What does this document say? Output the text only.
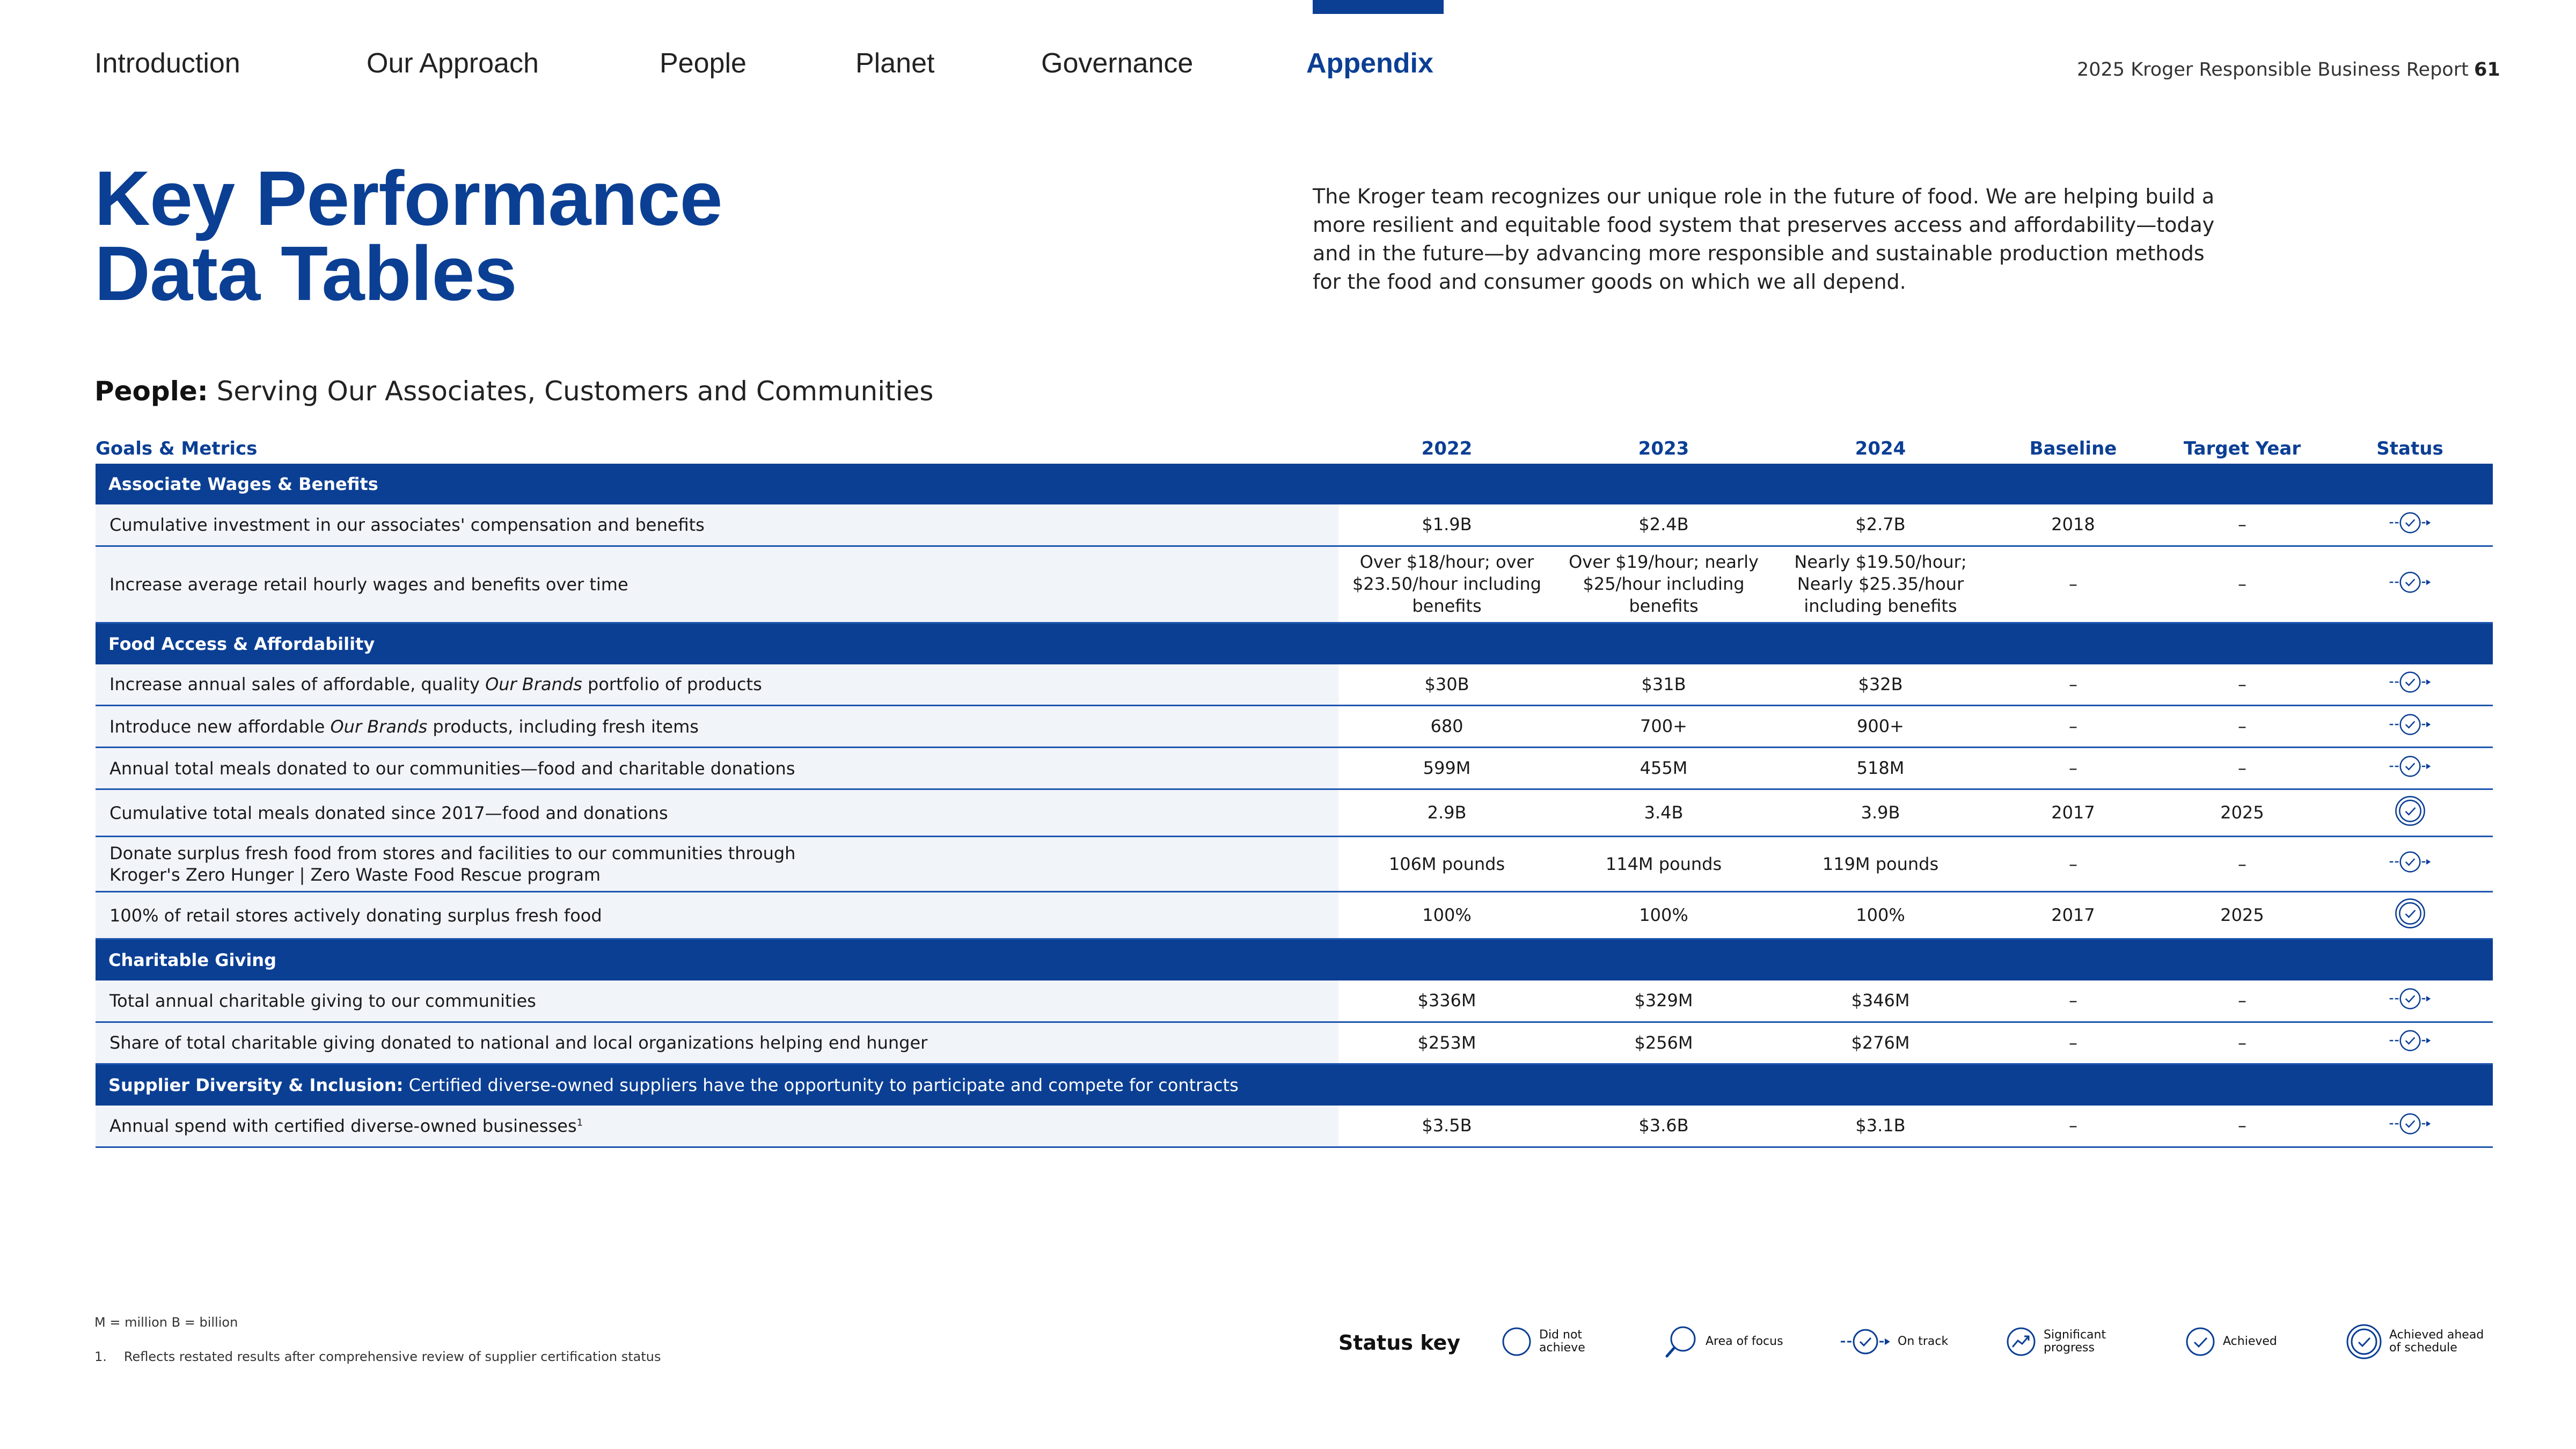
Introduction	Our Approach	People	Planet	Governance	Appendix	2025 Kroger Responsible Business Report 61
Key Performance
Data Tables
The Kroger team recognizes our unique role in the future of food. We are helping build a more resilient and equitable food system that preserves access and affordability—today and in the future—by advancing more responsible and sustainable production methods for the food and consumer goods on which we all depend.
People: Serving Our Associates, Customers and Communities
Goals & Metrics	2022	2023	2024	Baseline	Target Year	Status
Associate Wages & Benefits						
Cumulative investment in our associates' compensation and benefits	$1.9B	$2.4B	$2.7B	2018	–	
Increase average retail hourly wages and benefits over time	Over $18/hour; over $23.50/hour including benefits	Over $19/hour; nearly $25/hour including benefits	Nearly $19.50/hour; Nearly $25.35/hour including benefits	–	–	
Food Access & Affordability						
Increase annual sales of affordable, quality Our Brands portfolio of products	$30B	$31B	$32B	–	–	
Introduce new affordable Our Brands products, including fresh items	680	700+	900+	–	–	
Annual total meals donated to our communities—food and charitable donations	599M	455M	518M	–	–	
Cumulative total meals donated since 2017—food and donations	2.9B	3.4B	3.9B	2017	2025	

Donate surplus fresh food from stores and facilities to our communities through
Kroger's Zero Hunger | Zero Waste Food Rescue program	106M pounds	114M pounds	119M pounds	–	–	
100% of retail stores actively donating surplus fresh food	100%	100%	100%	2017	2025	
Charitable Giving						
Total annual charitable giving to our communities	$336M	$329M	$346M	–	–	
Share of total charitable giving donated to national and local organizations helping end hunger	$253M	$256M	$276M	–	–	
Supplier Diversity & Inclusion: Certified diverse-owned suppliers have the opportunity to participate and compete for contracts						
Annual spend with certified diverse-owned businesses$^1$	$3.5B	$3.6B	$3.1B	–	–	
M = million B = billion
1. Reflects restated results after comprehensive review of supplier certification status
Status key	Did not
achieve	Area of focus	On track	Significant
progress	Achieved	Achieved ahead
of schedule
